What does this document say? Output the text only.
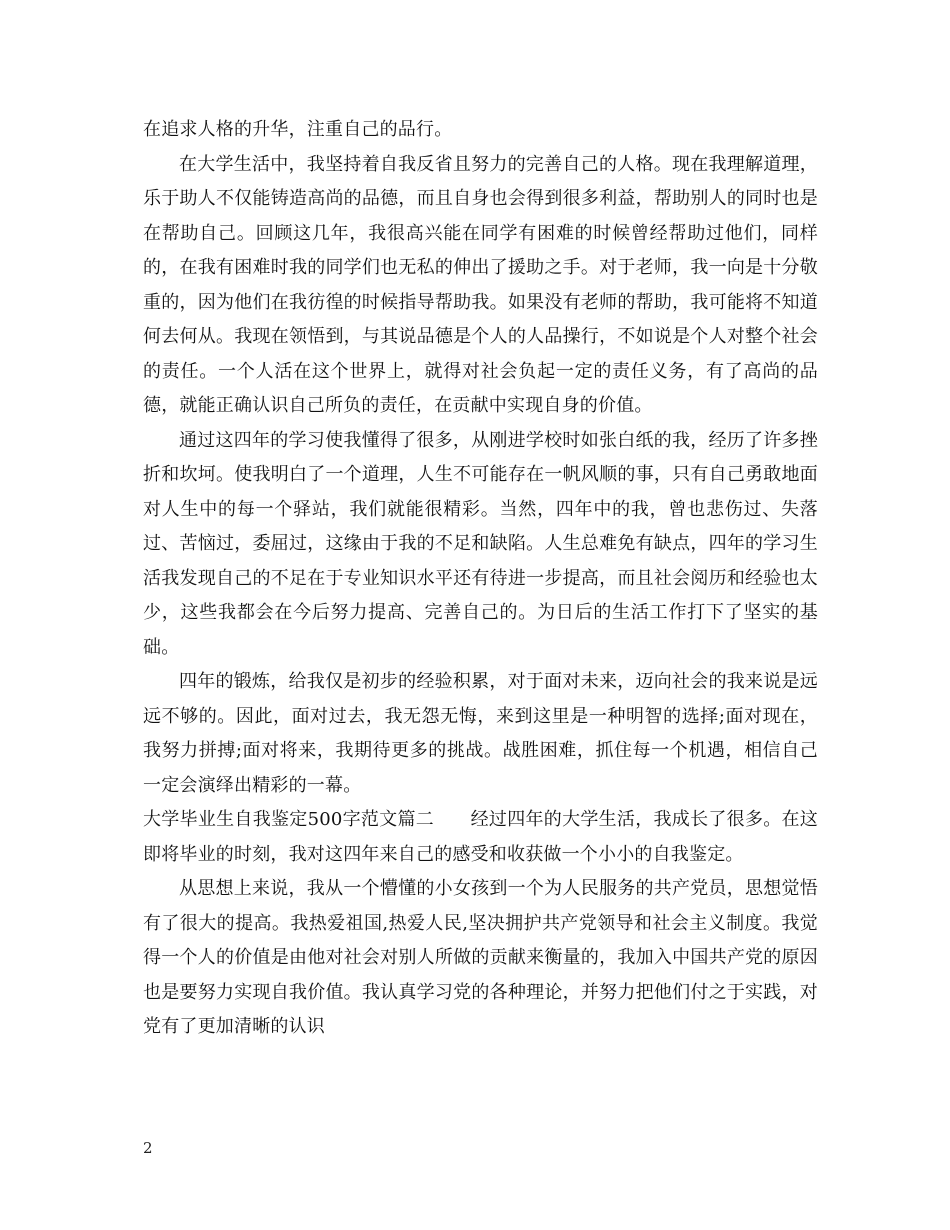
在追求人格的升华，注重自己的品行。

在大学生活中，我坚持着自我反省且努力的完善自己的人格。现在我理解道理，乐于助人不仅能铸造高尚的品德，而且自身也会得到很多利益，帮助别人的同时也是在帮助自己。回顾这几年，我很高兴能在同学有困难的时候曾经帮助过他们，同样的，在我有困难时我的同学们也无私的伸出了援助之手。对于老师，我一向是十分敬重的，因为他们在我彷徨的时候指导帮助我。如果没有老师的帮助，我可能将不知道何去何从。我现在领悟到，与其说品德是个人的人品操行，不如说是个人对整个社会的责任。一个人活在这个世界上，就得对社会负起一定的责任义务，有了高尚的品德，就能正确认识自己所负的责任，在贡献中实现自身的价值。

通过这四年的学习使我懂得了很多，从刚进学校时如张白纸的我，经历了许多挫折和坎坷。使我明白了一个道理，人生不可能存在一帆风顺的事，只有自己勇敢地面对人生中的每一个驿站，我们就能很精彩。当然，四年中的我，曾也悲伤过、失落过、苦恼过，委屈过，这缘由于我的不足和缺陷。人生总难免有缺点，四年的学习生活我发现自己的不足在于专业知识水平还有待进一步提高，而且社会阅历和经验也太少，这些我都会在今后努力提高、完善自己的。为日后的生活工作打下了坚实的基础。

四年的锻炼，给我仅是初步的经验积累，对于面对未来，迈向社会的我来说是远远不够的。因此，面对过去，我无怨无悔，来到这里是一种明智的选择;面对现在，我努力拼搏;面对将来，我期待更多的挑战。战胜困难，抓住每一个机遇，相信自己一定会演绎出精彩的一幕。

大学毕业生自我鉴定500字范文篇二　　经过四年的大学生活，我成长了很多。在这即将毕业的时刻，我对这四年来自己的感受和收获做一个小小的自我鉴定。

从思想上来说，我从一个懵懂的小女孩到一个为人民服务的共产党员，思想觉悟有了很大的提高。我热爱祖国,热爱人民,坚决拥护共产党领导和社会主义制度。我觉得一个人的价值是由他对社会对别人所做的贡献来衡量的，我加入中国共产党的原因也是要努力实现自我价值。我认真学习党的各种理论，并努力把他们付之于实践，对党有了更加清晰的认识

2
